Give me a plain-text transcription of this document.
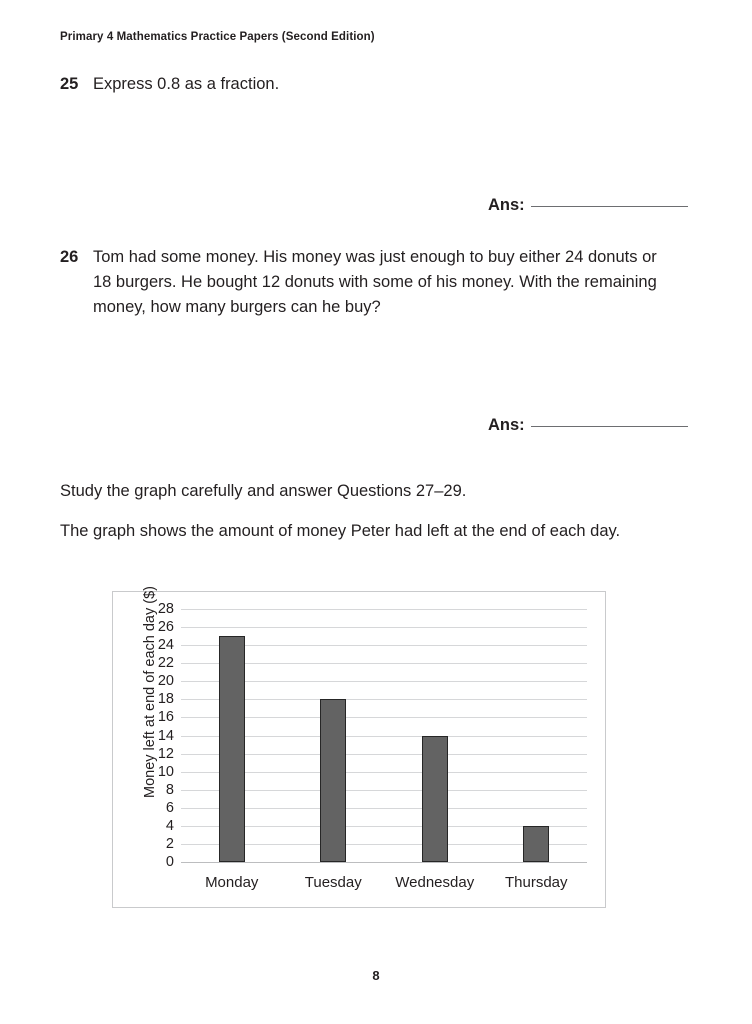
Primary 4 Mathematics Practice Papers (Second Edition)
25 Express 0.8 as a fraction.
Ans:
26 Tom had some money. His money was just enough to buy either 24 donuts or 18 burgers. He bought 12 donuts with some of his money. With the remaining money, how many burgers can he buy?
Ans:
Study the graph carefully and answer Questions 27–29.
The graph shows the amount of money Peter had left at the end of each day.
Money left at end of each day ($)
0
2
4
6
8
10
12
14
16
18
20
22
24
26
28
Monday	Tuesday Wednesday Thursday
8
